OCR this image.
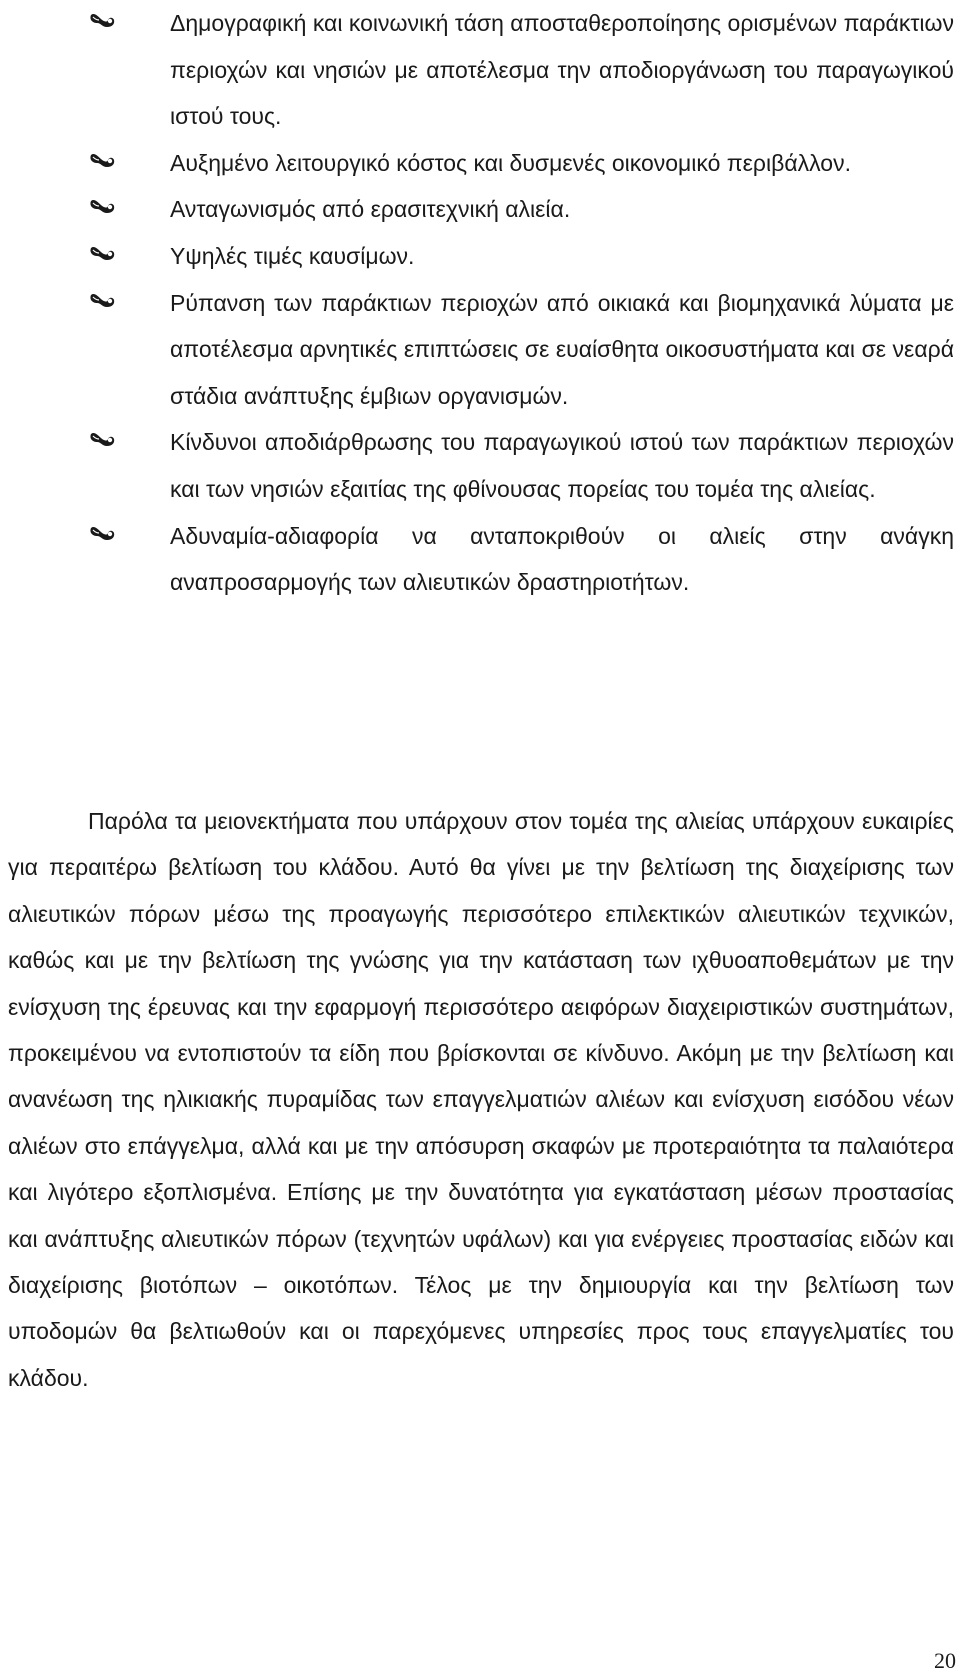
Δημογραφική και κοινωνική τάση αποσταθεροποίησης ορισμένων παράκτιων περιοχών και νησιών με αποτέλεσμα την αποδιοργάνωση του παραγωγικού ιστού τους.
Αυξημένο λειτουργικό κόστος και δυσμενές οικονομικό περιβάλλον.
Ανταγωνισμός από ερασιτεχνική αλιεία.
Υψηλές τιμές καυσίμων.
Ρύπανση των παράκτιων περιοχών από οικιακά και βιομηχανικά λύματα με αποτέλεσμα αρνητικές επιπτώσεις σε ευαίσθητα οικοσυστήματα και σε νεαρά στάδια ανάπτυξης έμβιων οργανισμών.
Κίνδυνοι αποδιάρθρωσης του παραγωγικού ιστού των παράκτιων περιοχών και των νησιών εξαιτίας της φθίνουσας πορείας του τομέα της αλιείας.
Αδυναμία-αδιαφορία να ανταποκριθούν οι αλιείς στην ανάγκη αναπροσαρμογής των αλιευτικών δραστηριοτήτων.

Παρόλα τα μειονεκτήματα που υπάρχουν στον τομέα της αλιείας υπάρχουν ευκαιρίες για περαιτέρω βελτίωση του κλάδου. Αυτό θα γίνει με την βελτίωση της διαχείρισης των αλιευτικών πόρων μέσω της προαγωγής περισσότερο επιλεκτικών αλιευτικών τεχνικών, καθώς και με την βελτίωση της γνώσης για την κατάσταση των ιχθυοαποθεμάτων με την ενίσχυση της έρευνας και την εφαρμογή περισσότερο αειφόρων διαχειριστικών συστημάτων, προκειμένου να εντοπιστούν τα είδη που βρίσκονται σε κίνδυνο. Ακόμη με την βελτίωση και ανανέωση της ηλικιακής πυραμίδας των επαγγελματιών αλιέων και ενίσχυση εισόδου νέων αλιέων στο επάγγελμα, αλλά και με την απόσυρση σκαφών με προτεραιότητα τα παλαιότερα και λιγότερο εξοπλισμένα. Επίσης με την δυνατότητα για εγκατάσταση μέσων προστασίας και ανάπτυξης αλιευτικών πόρων (τεχνητών υφάλων) και για ενέργειες προστασίας ειδών και διαχείρισης βιοτόπων – οικοτόπων. Τέλος με την δημιουργία και την βελτίωση των υποδομών θα βελτιωθούν και οι παρεχόμενες υπηρεσίες προς τους επαγγελματίες του κλάδου.

20
